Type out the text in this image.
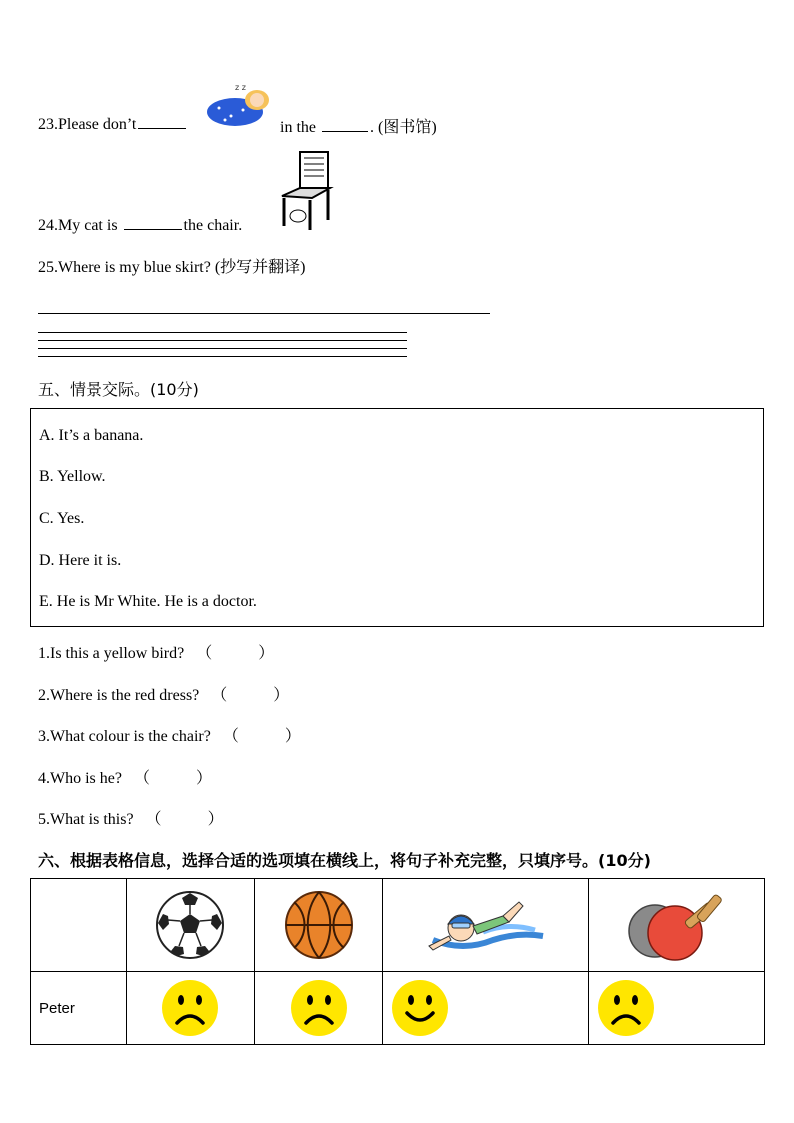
23.Please don’t
z z
in the	. (图书馆)
24.My cat is	the chair.
25.Where is my blue skirt? (抄写并翻译)
五、情景交际。(10分)
A. It’s a banana.
B. Yellow.
C. Yes.
D. Here it is.
E. He is Mr White. He is a doctor.
1.Is this a yellow bird? （	）
2.Where is the red dress? （	）
3.What colour is the chair? （	）
4.Who is he? （	）
5.What is this? （	）
六、根据表格信息，选择合适的选项填在横线上，将句子补充完整，只填序号。(10分)

Peter
